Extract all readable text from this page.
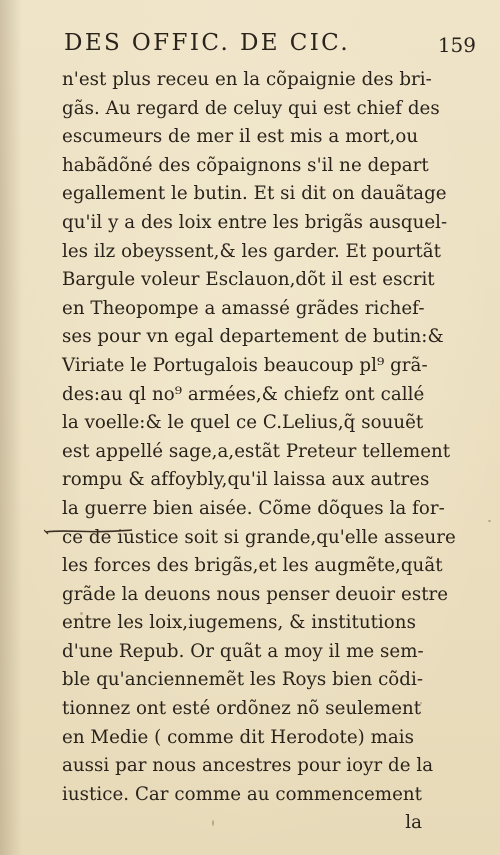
DES OFFIC. DE CIC.	159
n'est plus receu en la cõpaignie des bri-
gãs. Au regard de celuy qui est chief des
escumeurs de mer il est mis a mort,ou
habãdõné des cõpaignons s'il ne depart
egallement le butin. Et si dit on dauãtage
qu'il y a des loix entre les brigãs ausquel-
les ilz obeyssent,& les garder. Et pourtãt
Bargule voleur Esclauon,dõt il est escrit
en Theopompe a amassé grãdes richef-
ses pour vn egal departement de butin:&
Viriate le Portugalois beaucoup pl⁹ grã-
des:au ql no⁹ armées,& chiefz ont callé
la voelle:& le quel ce C.Lelius,q̃ souuẽt
est appellé sage,a,estãt Preteur tellement
rompu & affoybly,qu'il laissa aux autres
la guerre bien aisée. Cõme dõques la for-
ce de iustice soit si grande,qu'elle asseure
les forces des brigãs,et les augmẽte,quãt
grãde la deuons nous penser deuoir estre
entre les loix,iugemens, & institutions
d'une Repub. Or quãt a moy il me sem-
ble qu'anciennemẽt les Roys bien cõdi-
tionnez ont esté ordõnez nõ seulement
en Medie ( comme dit Herodote) mais
aussi par nous ancestres pour ioyr de la
iustice. Car comme au commencement
la
